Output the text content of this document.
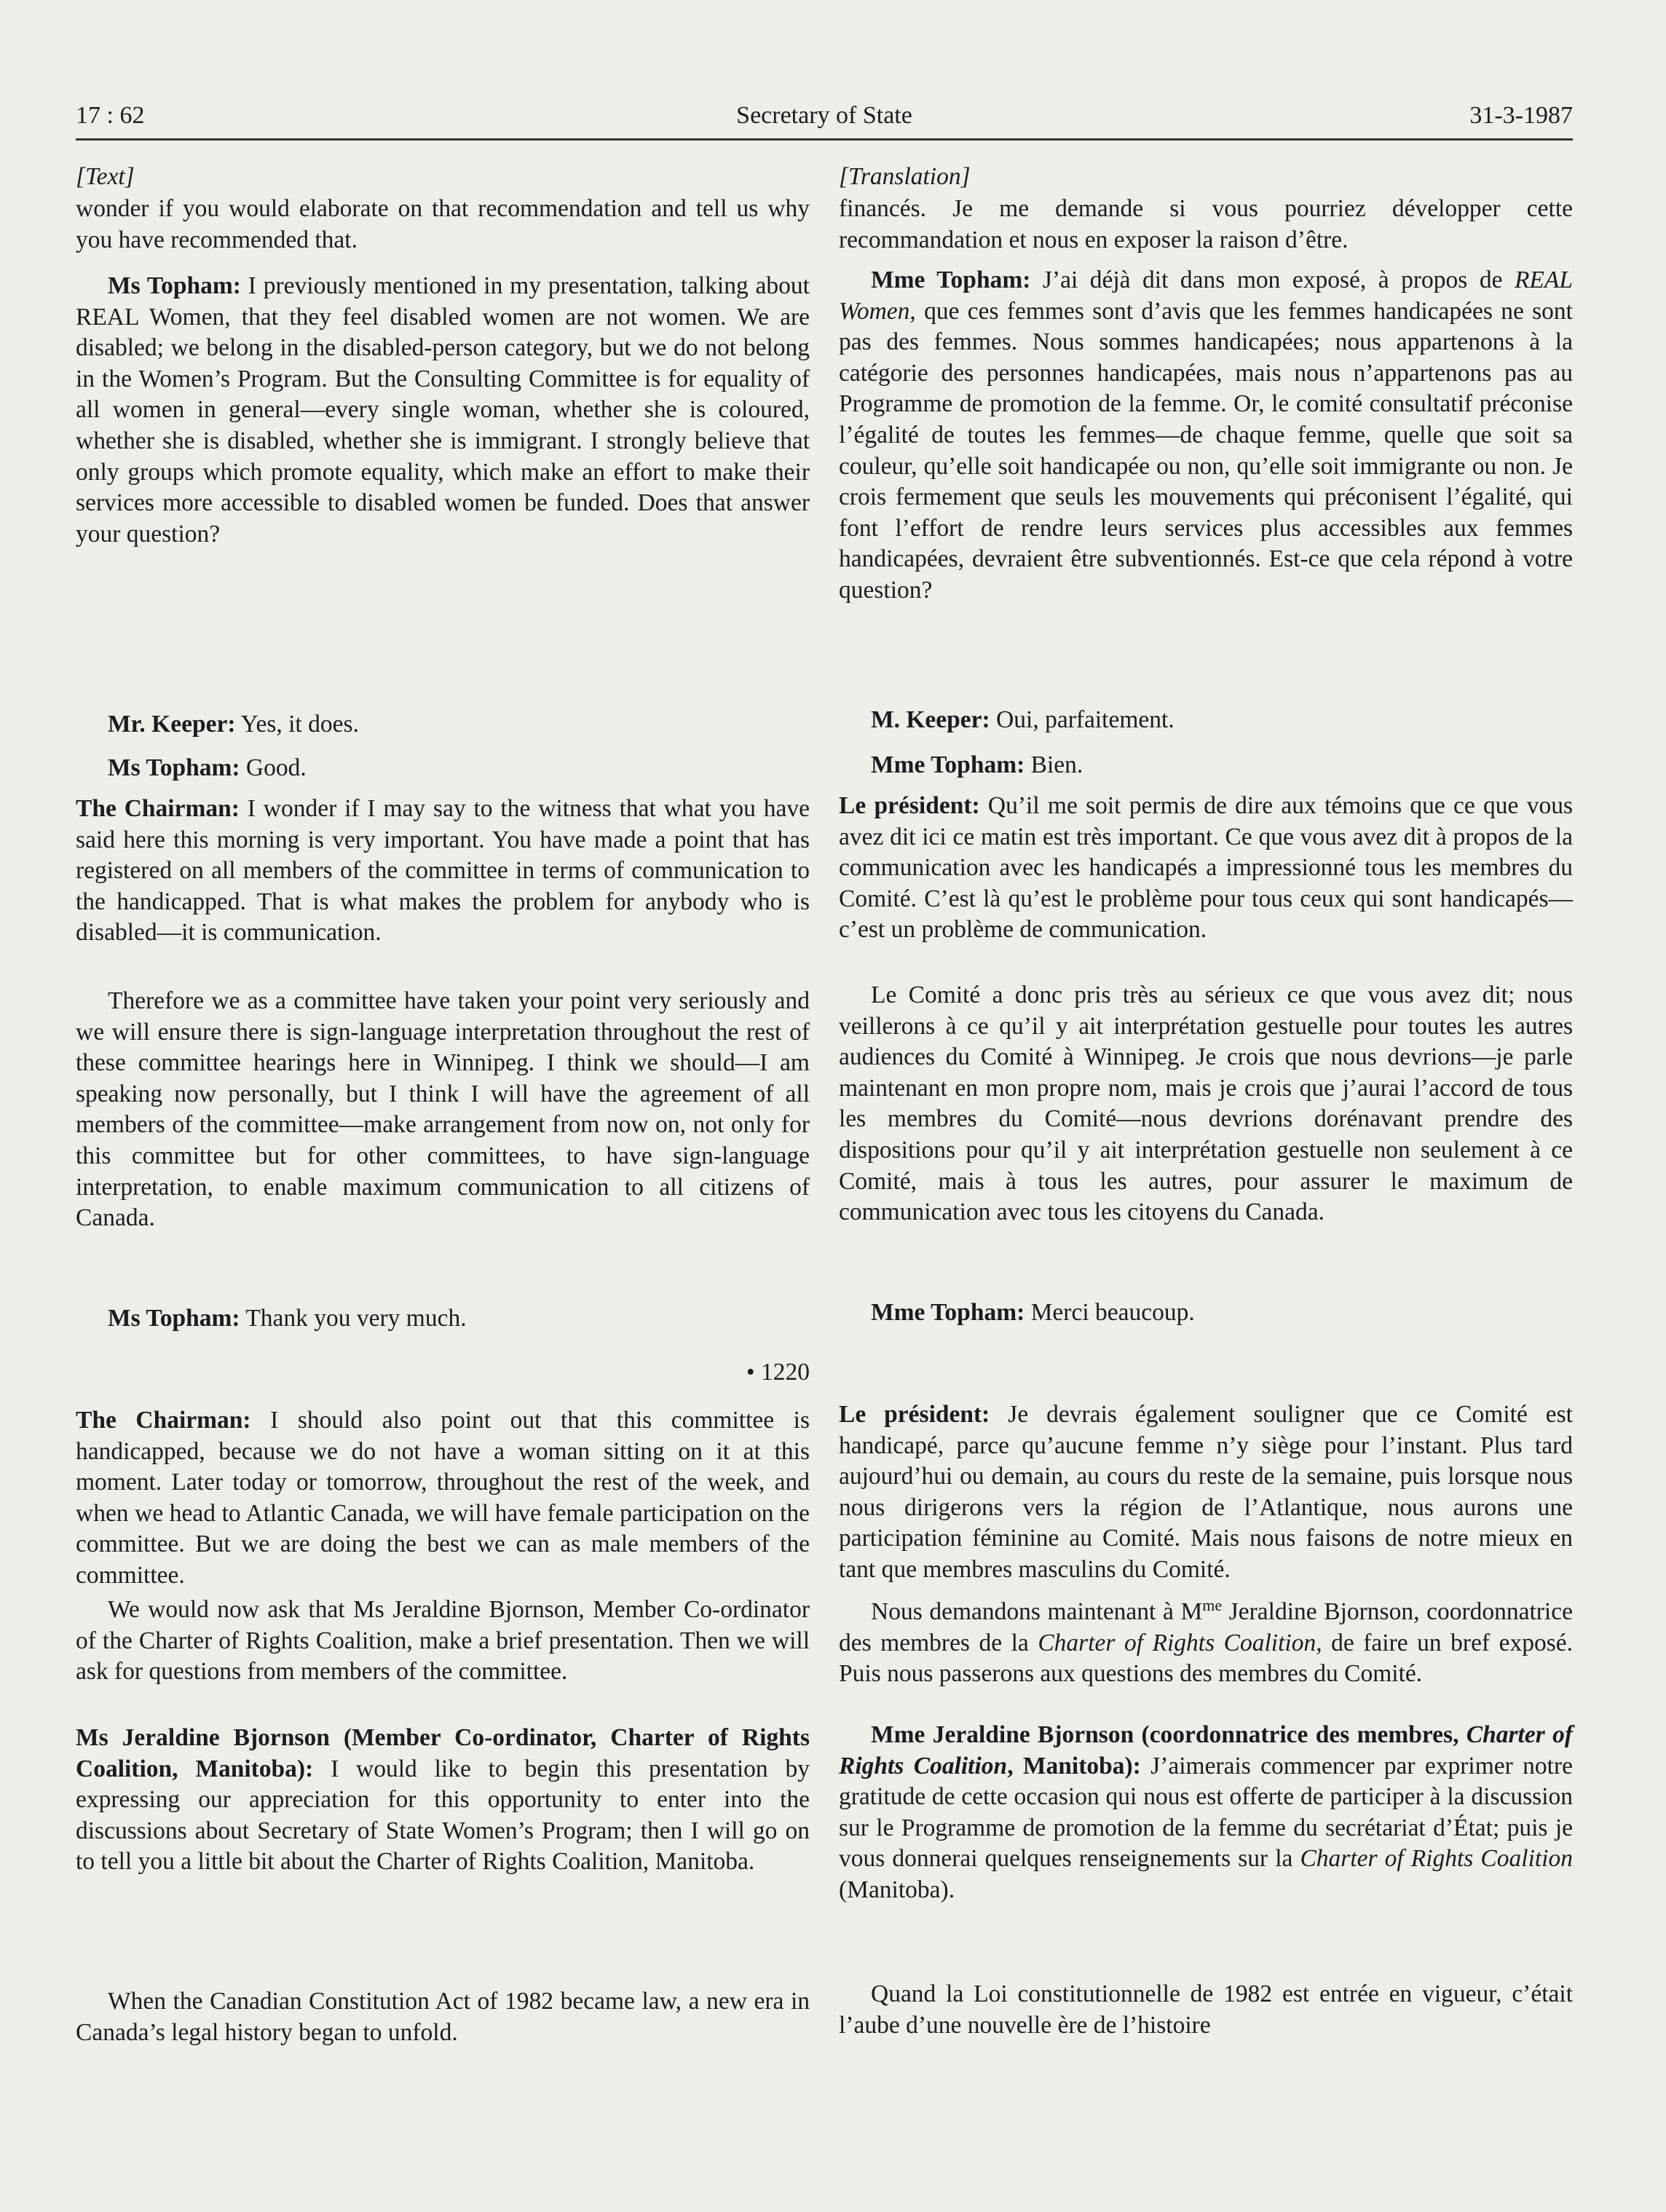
17 : 62	Secretary of State	31-3-1987

[Text]

wonder if you would elaborate on that recommendation and tell us why you have recommended that.

Ms Topham: I previously mentioned in my presentation, talking about REAL Women, that they feel disabled women are not women. We are disabled; we belong in the disabled-person category, but we do not belong in the Women’s Program. But the Consulting Committee is for equality of all women in general—every single woman, whether she is coloured, whether she is disabled, whether she is immigrant. I strongly believe that only groups which promote equality, which make an effort to make their services more accessible to disabled women be funded. Does that answer your question?

Mr. Keeper: Yes, it does.

Ms Topham: Good.

The Chairman: I wonder if I may say to the witness that what you have said here this morning is very important. You have made a point that has registered on all members of the committee in terms of communication to the handicapped. That is what makes the problem for anybody who is disabled—it is communication.

Therefore we as a committee have taken your point very seriously and we will ensure there is sign-language interpretation throughout the rest of these committee hearings here in Winnipeg. I think we should—I am speaking now personally, but I think I will have the agreement of all members of the committee—make arrangement from now on, not only for this committee but for other committees, to have sign-language interpretation, to enable maximum communication to all citizens of Canada.

Ms Topham: Thank you very much.

• 1220

The Chairman: I should also point out that this committee is handicapped, because we do not have a woman sitting on it at this moment. Later today or tomorrow, throughout the rest of the week, and when we head to Atlantic Canada, we will have female participation on the committee. But we are doing the best we can as male members of the committee.

We would now ask that Ms Jeraldine Bjornson, Member Co-ordinator of the Charter of Rights Coalition, make a brief presentation. Then we will ask for questions from members of the committee.

Ms Jeraldine Bjornson (Member Co-ordinator, Charter of Rights Coalition, Manitoba): I would like to begin this presentation by expressing our appreciation for this opportunity to enter into the discussions about Secretary of State Women’s Program; then I will go on to tell you a little bit about the Charter of Rights Coalition, Manitoba.

When the Canadian Constitution Act of 1982 became law, a new era in Canada’s legal history began to unfold.

[Translation]

financés. Je me demande si vous pourriez développer cette recommandation et nous en exposer la raison d’être.

Mme Topham: J’ai déjà dit dans mon exposé, à propos de REAL Women, que ces femmes sont d’avis que les femmes handicapées ne sont pas des femmes. Nous sommes handicapées; nous appartenons à la catégorie des personnes handicapées, mais nous n’appartenons pas au Programme de promotion de la femme. Or, le comité consultatif préconise l’égalité de toutes les femmes—de chaque femme, quelle que soit sa couleur, qu’elle soit handicapée ou non, qu’elle soit immigrante ou non. Je crois fermement que seuls les mouvements qui préconisent l’égalité, qui font l’effort de rendre leurs services plus accessibles aux femmes handicapées, devraient être subventionnés. Est-ce que cela répond à votre question?

M. Keeper: Oui, parfaitement.

Mme Topham: Bien.

Le président: Qu’il me soit permis de dire aux témoins que ce que vous avez dit ici ce matin est très important. Ce que vous avez dit à propos de la communication avec les handicapés a impressionné tous les membres du Comité. C’est là qu’est le problème pour tous ceux qui sont handicapés—c’est un problème de communication.

Le Comité a donc pris très au sérieux ce que vous avez dit; nous veillerons à ce qu’il y ait interprétation gestuelle pour toutes les autres audiences du Comité à Winnipeg. Je crois que nous devrions—je parle maintenant en mon propre nom, mais je crois que j’aurai l’accord de tous les membres du Comité—nous devrions dorénavant prendre des dispositions pour qu’il y ait interprétation gestuelle non seulement à ce Comité, mais à tous les autres, pour assurer le maximum de communication avec tous les citoyens du Canada.

Mme Topham: Merci beaucoup.

Le président: Je devrais également souligner que ce Comité est handicapé, parce qu’aucune femme n’y siège pour l’instant. Plus tard aujourd’hui ou demain, au cours du reste de la semaine, puis lorsque nous nous dirigerons vers la région de l’Atlantique, nous aurons une participation féminine au Comité. Mais nous faisons de notre mieux en tant que membres masculins du Comité.

Nous demandons maintenant à $M^{me}$ Jeraldine Bjornson, coordonnatrice des membres de la Charter of Rights Coalition, de faire un bref exposé. Puis nous passerons aux questions des membres du Comité.

Mme Jeraldine Bjornson (coordonnatrice des membres, Charter of Rights Coalition, Manitoba): J’aimerais commencer par exprimer notre gratitude de cette occasion qui nous est offerte de participer à la discussion sur le Programme de promotion de la femme du secrétariat d’État; puis je vous donnerai quelques renseignements sur la Charter of Rights Coalition (Manitoba).

Quand la Loi constitutionnelle de 1982 est entrée en vigueur, c’était l’aube d’une nouvelle ère de l’histoire
